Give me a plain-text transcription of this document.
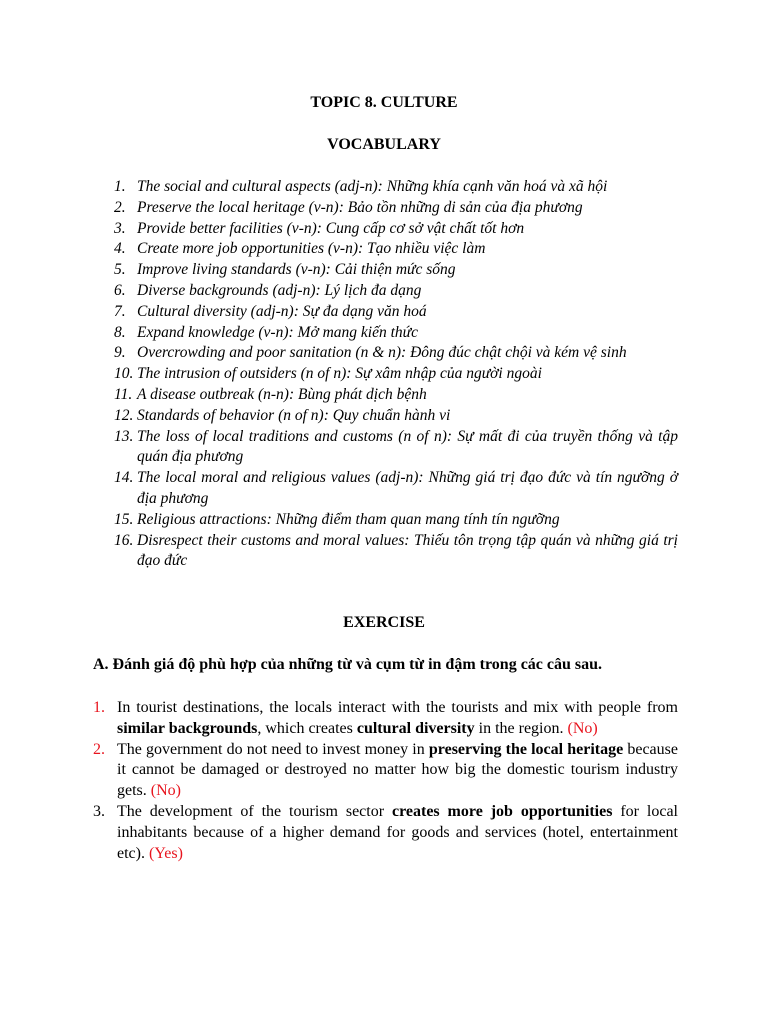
TOPIC 8. CULTURE
VOCABULARY
1. The social and cultural aspects (adj-n): Những khía cạnh văn hoá và xã hội
2. Preserve the local heritage (v-n): Bảo tồn những di sản của địa phương
3. Provide better facilities (v-n): Cung cấp cơ sở vật chất tốt hơn
4. Create more job opportunities (v-n): Tạo nhiều việc làm
5. Improve living standards (v-n): Cải thiện mức sống
6. Diverse backgrounds (adj-n): Lý lịch đa dạng
7. Cultural diversity (adj-n): Sự đa dạng văn hoá
8. Expand knowledge (v-n): Mở mang kiến thức
9. Overcrowding and poor sanitation (n & n): Đông đúc chật chội và kém vệ sinh
10. The intrusion of outsiders (n of n): Sự xâm nhập của người ngoài
11. A disease outbreak (n-n): Bùng phát dịch bệnh
12. Standards of behavior (n of n): Quy chuẩn hành vi
13. The loss of local traditions and customs (n of n): Sự mất đi của truyền thống và tập quán địa phương
14. The local moral and religious values (adj-n): Những giá trị đạo đức và tín ngưỡng ở địa phương
15. Religious attractions: Những điểm tham quan mang tính tín ngưỡng
16. Disrespect their customs and moral values: Thiếu tôn trọng tập quán và những giá trị đạo đức
EXERCISE
A. Đánh giá độ phù hợp của những từ và cụm từ in đậm trong các câu sau.
1. In tourist destinations, the locals interact with the tourists and mix with people from similar backgrounds, which creates cultural diversity in the region. (No)
2. The government do not need to invest money in preserving the local heritage because it cannot be damaged or destroyed no matter how big the domestic tourism industry gets. (No)
3. The development of the tourism sector creates more job opportunities for local inhabitants because of a higher demand for goods and services (hotel, entertainment etc). (Yes)
